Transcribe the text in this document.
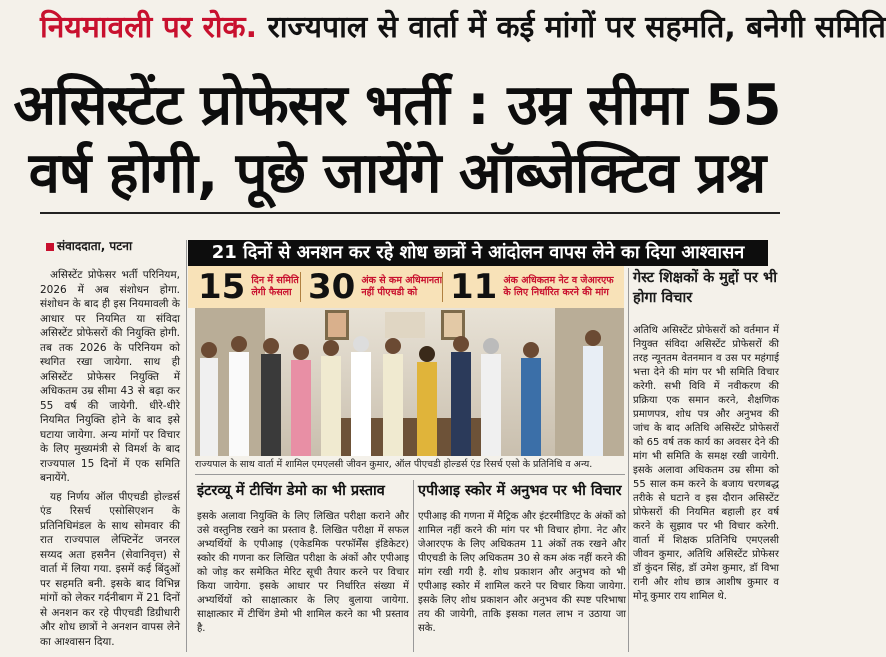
नियमावली पर रोक. राज्यपाल से वार्ता में कई मांगों पर सहमति, बनेगी समिति
असिस्टेंट प्रोफेसर भर्ती : उम्र सीमा 55
वर्ष होगी, पूछे जायेंगे ऑब्जेक्टिव प्रश्न
संवाददाता, पटना

असिस्टेंट प्रोफेसर भर्ती परिनियम, 2026 में अब संशोधन होगा. संशोधन के बाद ही इस नियमावली के आधार पर नियमित या संविदा असिस्टेंट प्रोफेसरों की नियुक्ति होगी. तब तक 2026 के परिनियम को स्थगित रखा जायेगा. साथ ही असिस्टेंट प्रोफेसर नियुक्ति में अधिकतम उम्र सीमा 43 से बढ़ा कर 55 वर्ष की जायेगी. धीरे-धीरे नियमित नियुक्ति होने के बाद इसे घटाया जायेगा. अन्य मांगों पर विचार के लिए मुख्यमंत्री से विमर्श के बाद राज्यपाल 15 दिनों में एक समिति बनायेंगे.

यह निर्णय ऑल पीएचडी होल्डर्स एंड रिसर्च एसोसिएशन के प्रतिनिधिमंडल के साथ सोमवार की रात राज्यपाल लेफ्टिनेंट जनरल सय्यद अता हसनैन (सेवानिवृत्त) से वार्ता में लिया गया. इसमें कई बिंदुओं पर सहमति बनी. इसके बाद विभिन्न मांगों को लेकर गर्दनीबाग में 21 दिनों से अनशन कर रहे पीएचडी डिग्रीधारी और शोध छात्रों ने अनशन वापस लेने का आश्वासन दिया.

21 दिनों से अनशन कर रहे शोध छात्रों ने आंदोलन वापस लेने का दिया आश्वासन
15 दिन में समिति
लेगी फैसला 30 अंक से कम अधिमानता
नहीं पीएचडी को 11 अंक अधिकतम नेट व जेआरएफ
के लिए निर्धारित करने की मांग
राज्यपाल के साथ वार्ता में शामिल एमएलसी जीवन कुमार, ऑल पीएचडी होल्डर्स एंड रिसर्च एसो के प्रतिनिधि व अन्य.
इंटरव्यू में टीचिंग डेमो का भी प्रस्ताव
इसके अलावा नियुक्ति के लिए लिखित परीक्षा कराने और उसे वस्तुनिष्ठ रखने का प्रस्ताव है. लिखित परीक्षा में सफल अभ्यर्थियों के एपीआइ (एकेडमिक परफॉर्मेंस इंडिकेटर) स्कोर की गणना कर लिखित परीक्षा के अंकों और एपीआइ को जोड़ कर समेकित मेरिट सूची तैयार करने पर विचार किया जायेगा. इसके आधार पर निर्धारित संख्या में अभ्यर्थियों को साक्षात्कार के लिए बुलाया जायेगा. साक्षात्कार में टीचिंग डेमो भी शामिल करने का भी प्रस्ताव है.
एपीआइ स्कोर में अनुभव पर भी विचार
एपीआइ की गणना में मैट्रिक और इंटरमीडिएट के अंकों को शामिल नहीं करने की मांग पर भी विचार होगा. नेट और जेआरएफ के लिए अधिकतम 11 अंकों तक रखने और पीएचडी के लिए अधिकतम 30 से कम अंक नहीं करने की मांग रखी गयी है. शोध प्रकाशन और अनुभव को भी एपीआइ स्कोर में शामिल करने पर विचार किया जायेगा. इसके लिए शोध प्रकाशन और अनुभव की स्पष्ट परिभाषा तय की जायेगी, ताकि इसका गलत लाभ न उठाया जा सके.
गेस्ट शिक्षकों के मुद्दों पर भी होगा विचार
अतिथि असिस्टेंट प्रोफेसरों को वर्तमान में नियुक्त संविदा असिस्टेंट प्रोफेसरों की तरह न्यूनतम वेतनमान व उस पर महंगाई भत्ता देने की मांग पर भी समिति विचार करेगी. सभी विवि में नवीकरण की प्रक्रिया एक समान करने, शैक्षणिक प्रमाणपत्र, शोध पत्र और अनुभव की जांच के बाद अतिथि असिस्टेंट प्रोफेसरों को 65 वर्ष तक कार्य का अवसर देने की मांग भी समिति के समक्ष रखी जायेगी. इसके अलावा अधिकतम उम्र सीमा को 55 साल कम करने के बजाय चरणबद्ध तरीके से घटाने व इस दौरान असिस्टेंट प्रोफेसरों की नियमित बहाली हर वर्ष करने के सुझाव पर भी विचार करेगी. वार्ता में शिक्षक प्रतिनिधि एमएलसी जीवन कुमार, अतिथि असिस्टेंट प्रोफेसर डॉ कुंदन सिंह, डॉ उमेश कुमार, डॉ विभा रानी और शोध छात्र आशीष कुमार व मोनू कुमार राय शामिल थे.
